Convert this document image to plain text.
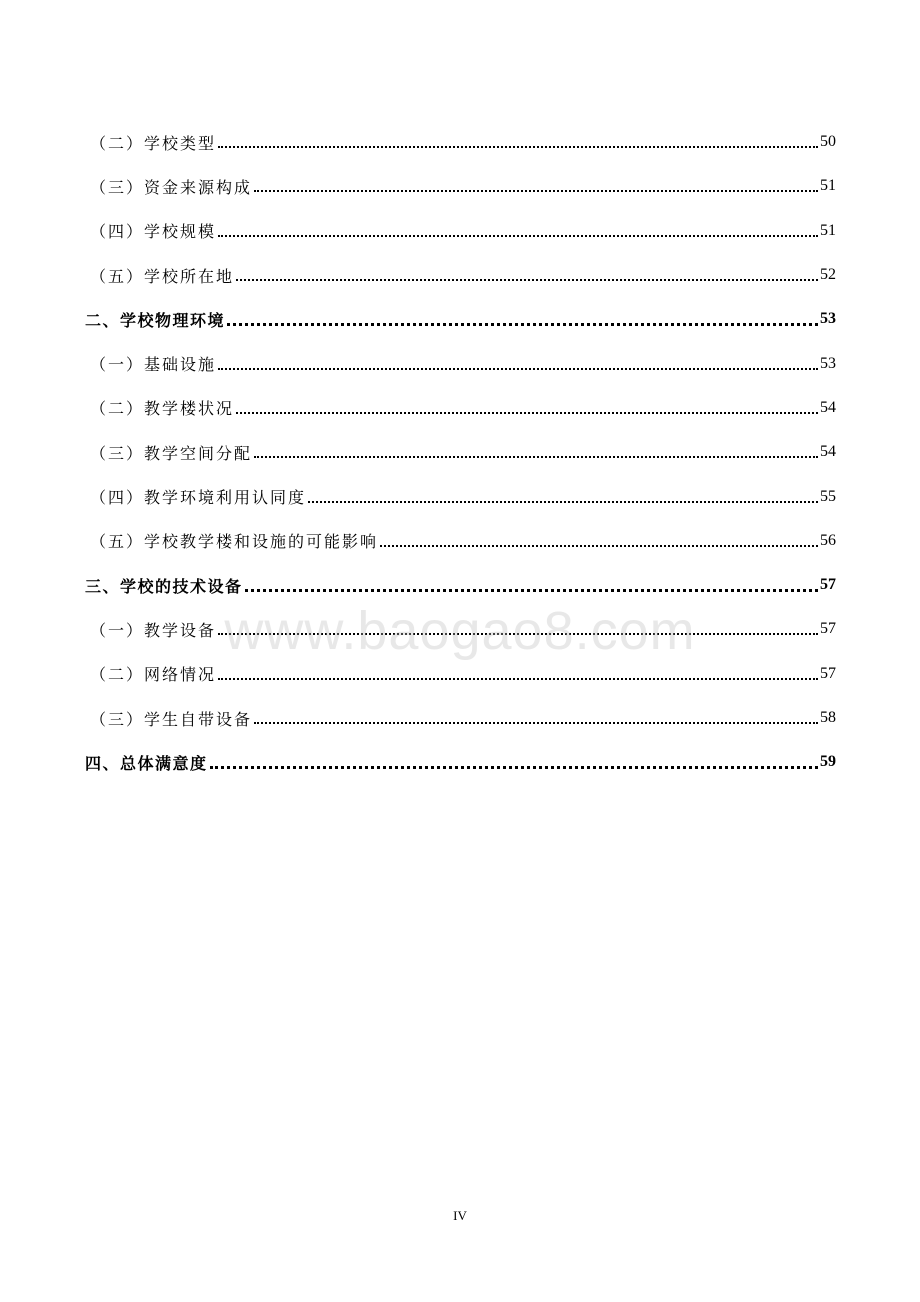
（二）学校类型	50
（三）资金来源构成	51
（四）学校规模	51
（五）学校所在地	52
二、学校物理环境	53
（一）基础设施	53
（二）教学楼状况	54
（三）教学空间分配	54
（四）教学环境利用认同度	55
（五）学校教学楼和设施的可能影响	56
三、学校的技术设备	57
（一）教学设备	57
（二）网络情况	57
（三）学生自带设备	58
四、总体满意度	59
www.baogao8.com
IV
